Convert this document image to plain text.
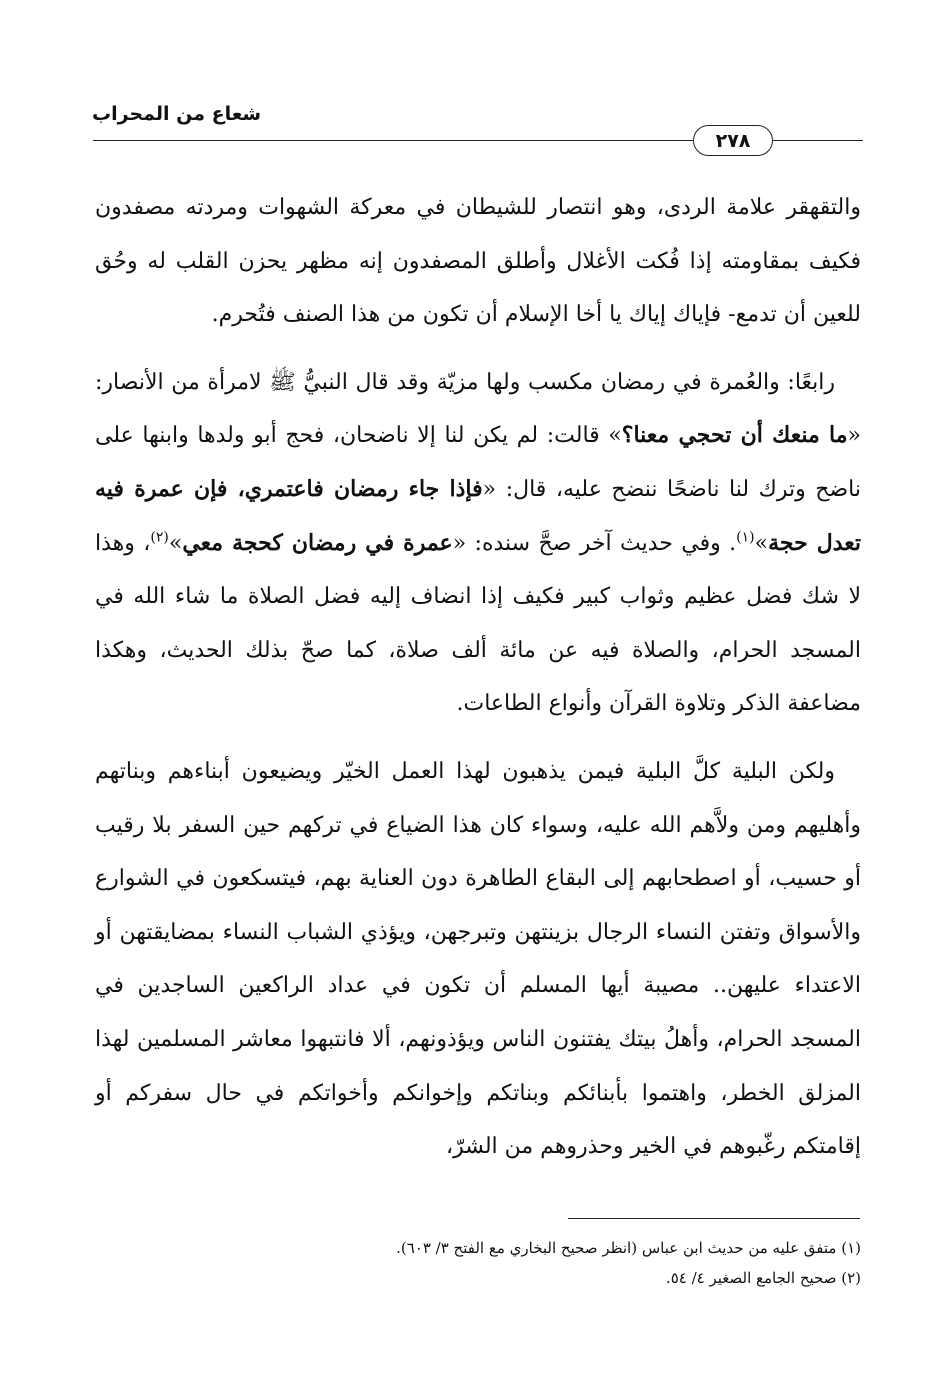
شعاع من المحراب
٢٧٨

والتقهقر علامة الردى، وهو انتصار للشيطان في معركة الشهوات ومردته مصفدون فكيف بمقاومته إذا فُكت الأغلال وأطلق المصفدون إنه مظهر يحزن القلب له وحُق للعين أن تدمع- فإياك إياك يا أخا الإسلام أن تكون من هذا الصنف فتُحرم.

رابعًا: والعُمرة في رمضان مكسب ولها مزيّة وقد قال النبيُّ ﷺ لامرأة من الأنصار: «ما منعك أن تحجي معنا؟» قالت: لم يكن لنا إلا ناضحان، فحج أبو ولدها وابنها على ناضح وترك لنا ناضحًا ننضح عليه، قال: «فإذا جاء رمضان فاعتمري، فإن عمرة فيه تعدل حجة»$^{(١)}$. وفي حديث آخر صحَّ سنده: «عمرة في رمضان كحجة معي»$^{(٢)}$، وهذا لا شك فضل عظيم وثواب كبير فكيف إذا انضاف إليه فضل الصلاة ما شاء الله في المسجد الحرام، والصلاة فيه عن مائة ألف صلاة، كما صحّ بذلك الحديث، وهكذا مضاعفة الذكر وتلاوة القرآن وأنواع الطاعات.

ولكن البلية كلَّ البلية فيمن يذهبون لهذا العمل الخيّر ويضيعون أبناءهم وبناتهم وأهليهم ومن ولاَّهم الله عليه، وسواء كان هذا الضياع في تركهم حين السفر بلا رقيب أو حسيب، أو اصطحابهم إلى البقاع الطاهرة دون العناية بهم، فيتسكعون في الشوارع والأسواق وتفتن النساء الرجال بزينتهن وتبرجهن، ويؤذي الشباب النساء بمضايقتهن أو الاعتداء عليهن.. مصيبة أيها المسلم أن تكون في عداد الراكعين الساجدين في المسجد الحرام، وأهلُ بيتك يفتنون الناس ويؤذونهم، ألا فانتبهوا معاشر المسلمين لهذا المزلق الخطر، واهتموا بأبنائكم وبناتكم وإخوانكم وأخواتكم في حال سفركم أو إقامتكم رغّبوهم في الخير وحذروهم من الشرّ،

(١) متفق عليه من حديث ابن عباس (انظر صحيح البخاري مع الفتح ٣/ ٦٠٣).

(٢) صحيح الجامع الصغير ٤/ ٥٤.
